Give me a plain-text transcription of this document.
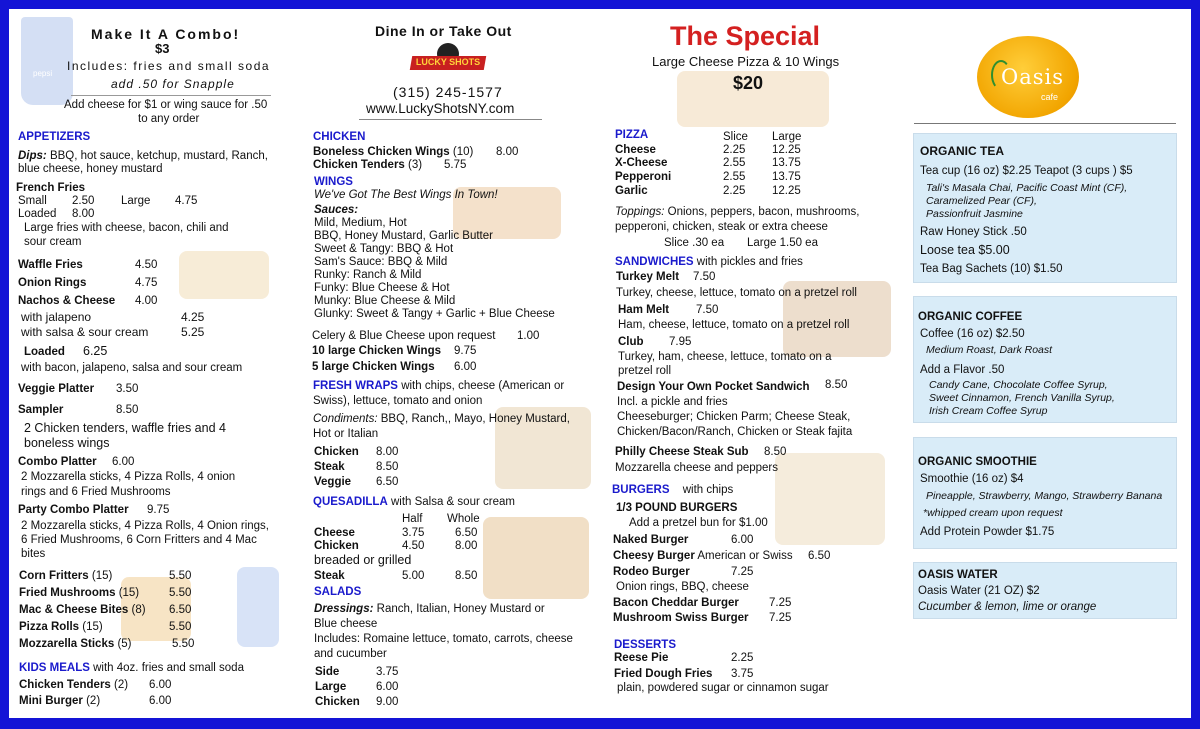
pepsi
Make It A Combo!
$3
Includes: fries and small soda
add .50 for Snapple
Add cheese for $1 or wing sauce for .50
to any order
APPETIZERS
Dips: BBQ, hot sauce, ketchup, mustard, Ranch,
blue cheese, honey mustard
French Fries
Small 2.50 Large 4.75
Loaded 8.00
Large fries with cheese, bacon, chili and
sour cream
Waffle Fries	4.50
Onion Rings	4.75
Nachos & Cheese 4.00
with jalapeno	4.25
with salsa & sour cream	5.25
Loaded 6.25
with bacon, jalapeno, salsa and sour cream
Veggie Platter 3.50
Sampler	8.50
2 Chicken tenders, waffle fries and 4
boneless wings
Combo Platter 6.00
2 Mozzarella sticks, 4 Pizza Rolls, 4 onion
rings and 6 Fried Mushrooms
Party Combo Platter 9.75
2 Mozzarella sticks, 4 Pizza Rolls, 4 Onion rings,
6 Fried Mushrooms, 6 Corn Fritters and 4 Mac
bites
Corn Fritters (15)	5.50
Fried Mushrooms (15)	5.50
Mac & Cheese Bites (8) 6.50
Pizza Rolls (15)	5.50
Mozzarella Sticks (5)	5.50
KIDS MEALS with 4oz. fries and small soda
Chicken Tenders (2) 6.00
Mini Burger (2)	6.00
Dine In or Take Out
LUCKY SHOTS
(315) 245-1577
www.LuckyShotsNY.com
CHICKEN
Boneless Chicken Wings (10) 8.00
Chicken Tenders (3) 5.75
WINGS
We've Got The Best Wings In Town!
Sauces:
Mild, Medium, Hot
BBQ, Honey Mustard, Garlic Butter
Sweet & Tangy: BBQ & Hot
Sam's Sauce: BBQ & Mild
Runky: Ranch & Mild
Funky: Blue Cheese & Hot
Munky: Blue Cheese & Mild
Glunky: Sweet & Tangy + Garlic + Blue Cheese
Celery & Blue Cheese upon request 1.00
10 large Chicken Wings 9.75
5 large Chicken Wings 6.00
FRESH WRAPS with chips, cheese (American or
Swiss), lettuce, tomato and onion
Condiments: BBQ, Ranch,, Mayo, Honey Mustard,
Hot or Italian
Chicken 8.00
Steak	8.50
Veggie 6.50
QUESADILLA with Salsa & sour cream
Half Whole
Cheese	3.75	6.50
Chicken	4.50	8.00
breaded or grilled
Steak	5.00	8.50
SALADS
Dressings: Ranch, Italian, Honey Mustard or
Blue cheese
Includes: Romaine lettuce, tomato, carrots, cheese
and cucumber
Side	3.75
Large	6.00
Chicken 9.00
The Special
Large Cheese Pizza & 10 Wings
$20
PIZZA	Slice Large
Cheese	2.25 12.25
X-Cheese	2.55 13.75
Pepperoni	2.55 13.75
Garlic	2.25 12.25
Toppings: Onions, peppers, bacon, mushrooms,
pepperoni, chicken, steak or extra cheese
Slice .30 ea Large 1.50 ea
SANDWICHES with pickles and fries
Turkey Melt 7.50
Turkey, cheese, lettuce, tomato on a pretzel roll
Ham Melt 7.50
Ham, cheese, lettuce, tomato on a pretzel roll
Club 7.95
Turkey, ham, cheese, lettuce, tomato on a
pretzel roll
Design Your Own Pocket Sandwich 8.50
Incl. a pickle and fries
Cheeseburger; Chicken Parm; Cheese Steak,
Chicken/Bacon/Ranch, Chicken or Steak fajita
Philly Cheese Steak Sub 8.50
Mozzarella cheese and peppers
BURGERS with chips
1/3 POUND BURGERS
Add a pretzel bun for $1.00
Naked Burger	6.00
Cheesy Burger American or Swiss 6.50
Rodeo Burger	7.25
Onion rings, BBQ, cheese
Bacon Cheddar Burger	7.25
Mushroom Swiss Burger 7.25
DESSERTS
Reese Pie	2.25
Fried Dough Fries 3.75
plain, powdered sugar or cinnamon sugar
Oasis
cafe
ORGANIC TEA
Tea cup (16 oz) $2.25 Teapot (3 cups ) $5
Tali's Masala Chai, Pacific Coast Mint (CF),
Caramelized Pear (CF),
Passionfruit Jasmine
Raw Honey Stick .50
Loose tea $5.00
Tea Bag Sachets (10) $1.50
ORGANIC COFFEE
Coffee (16 oz) $2.50
Medium Roast, Dark Roast
Add a Flavor .50
Candy Cane, Chocolate Coffee Syrup,
Sweet Cinnamon, French Vanilla Syrup,
Irish Cream Coffee Syrup
ORGANIC SMOOTHIE
Smoothie (16 oz) $4
Pineapple, Strawberry, Mango, Strawberry Banana
*whipped cream upon request
Add Protein Powder $1.75
OASIS WATER
Oasis Water (21 OZ) $2
Cucumber & lemon, lime or orange
